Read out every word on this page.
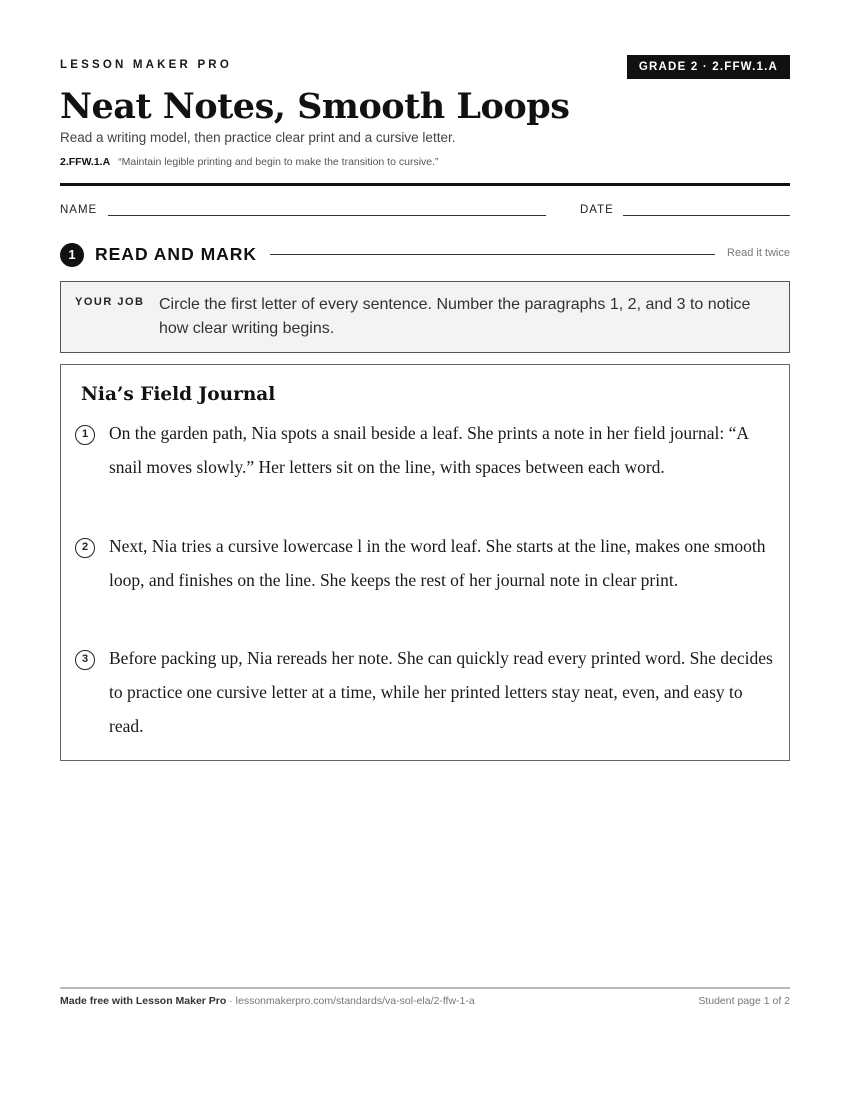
LESSON MAKER PRO	GRADE 2 · 2.FFW.1.A
Neat Notes, Smooth Loops
Read a writing model, then practice clear print and a cursive letter.
2.FFW.1.A “Maintain legible printing and begin to make the transition to cursive.”
NAME	DATE
1	READ AND MARK	Read it twice
YOUR JOB Circle the first letter of every sentence. Number the paragraphs 1, 2, and 3 to notice how clear writing begins.
Nia’s Field Journal
1	On the garden path, Nia spots a snail beside a leaf. She prints a note in her field journal: “A snail moves slowly.” Her letters sit on the line, with spaces between each word.
2	Next, Nia tries a cursive lowercase l in the word leaf. She starts at the line, makes one smooth loop, and finishes on the line. She keeps the rest of her journal note in clear print.
3	Before packing up, Nia rereads her note. She can quickly read every printed word. She decides to practice one cursive letter at a time, while her printed letters stay neat, even, and easy to read.
Made free with Lesson Maker Pro · lessonmakerpro.com/standards/va-sol-ela/2-ffw-1-a	Student page 1 of 2
